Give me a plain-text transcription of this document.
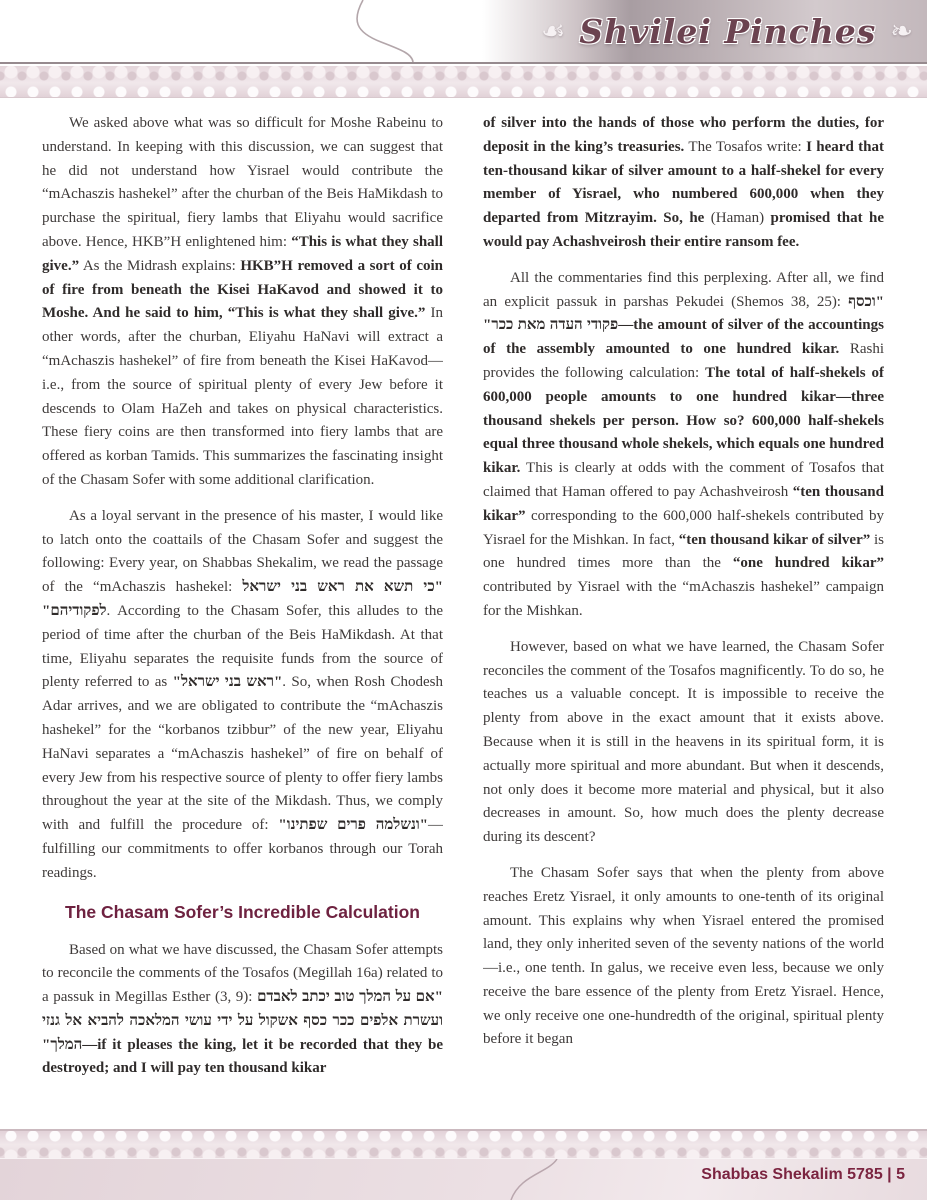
☙ Shvilei Pinches ❧

We asked above what was so difficult for Moshe Rabeinu to understand. In keeping with this discussion, we can suggest that he did not understand how Yisrael would contribute the “mAchaszis hashekel” after the churban of the Beis HaMikdash to purchase the spiritual, fiery lambs that Eliyahu would sacrifice above. Hence, HKB”H enlightened him: “This is what they shall give.” As the Midrash explains: HKB”H removed a sort of coin of fire from beneath the Kisei HaKavod and showed it to Moshe. And he said to him, “This is what they shall give.” In other words, after the churban, Eliyahu HaNavi will extract a “mAchaszis hashekel” of fire from beneath the Kisei HaKavod—i.e., from the source of spiritual plenty of every Jew before it descends to Olam HaZeh and takes on physical characteristics. These fiery coins are then transformed into fiery lambs that are offered as korban Tamids. This summarizes the fascinating insight of the Chasam Sofer with some additional clarification.

As a loyal servant in the presence of his master, I would like to latch onto the coattails of the Chasam Sofer and suggest the following: Every year, on Shabbas Shekalim, we read the passage of the “mAchaszis hashekel: "כי תשא את ראש בני ישראל לפקודיהם". According to the Chasam Sofer, this alludes to the period of time after the churban of the Beis HaMikdash. At that time, Eliyahu separates the requisite funds from the source of plenty referred to as "ראש בני ישראל". So, when Rosh Chodesh Adar arrives, and we are obligated to contribute the “mAchaszis hashekel” for the “korbanos tzibbur” of the new year, Eliyahu HaNavi separates a “mAchaszis hashekel” of fire on behalf of every Jew from his respective source of plenty to offer fiery lambs throughout the year at the site of the Mikdash. Thus, we comply with and fulfill the procedure of: "ונשלמה פרים שפתינו"—fulfilling our commitments to offer korbanos through our Torah readings.

The Chasam Sofer’s Incredible Calculation

Based on what we have discussed, the Chasam Sofer attempts to reconcile the comments of the Tosafos (Megillah 16a) related to a passuk in Megillas Esther (3, 9): "אם על המלך טוב יכתב לאבדם ועשרת אלפים ככר כסף אשקול על ידי עושי המלאכה להביא אל גנזי המלך"—if it pleases the king, let it be recorded that they be destroyed; and I will pay ten thousand kikar

of silver into the hands of those who perform the duties, for deposit in the king’s treasuries. The Tosafos write: I heard that ten-thousand kikar of silver amount to a half-shekel for every member of Yisrael, who numbered 600,000 when they departed from Mitzrayim. So, he (Haman) promised that he would pay Achashveirosh their entire ransom fee.

All the commentaries find this perplexing. After all, we find an explicit passuk in parshas Pekudei (Shemos 38, 25): "וכסף פקודי העדה מאת ככר"—the amount of silver of the accountings of the assembly amounted to one hundred kikar. Rashi provides the following calculation: The total of half-shekels of 600,000 people amounts to one hundred kikar—three thousand shekels per person. How so? 600,000 half-shekels equal three thousand whole shekels, which equals one hundred kikar. This is clearly at odds with the comment of Tosafos that claimed that Haman offered to pay Achashveirosh “ten thousand kikar” corresponding to the 600,000 half-shekels contributed by Yisrael for the Mishkan. In fact, “ten thousand kikar of silver” is one hundred times more than the “one hundred kikar” contributed by Yisrael with the “mAchaszis hashekel” campaign for the Mishkan.

However, based on what we have learned, the Chasam Sofer reconciles the comment of the Tosafos magnificently. To do so, he teaches us a valuable concept. It is impossible to receive the plenty from above in the exact amount that it exists above. Because when it is still in the heavens in its spiritual form, it is actually more spiritual and more abundant. But when it descends, not only does it become more material and physical, but it also decreases in amount. So, how much does the plenty decrease during its descent?

The Chasam Sofer says that when the plenty from above reaches Eretz Yisrael, it only amounts to one-tenth of its original amount. This explains why when Yisrael entered the promised land, they only inherited seven of the seventy nations of the world—i.e., one tenth. In galus, we receive even less, because we only receive the bare essence of the plenty from Eretz Yisrael. Hence, we only receive one one-hundredth of the original, spiritual plenty before it began

Shabbas Shekalim 5785 | 5
